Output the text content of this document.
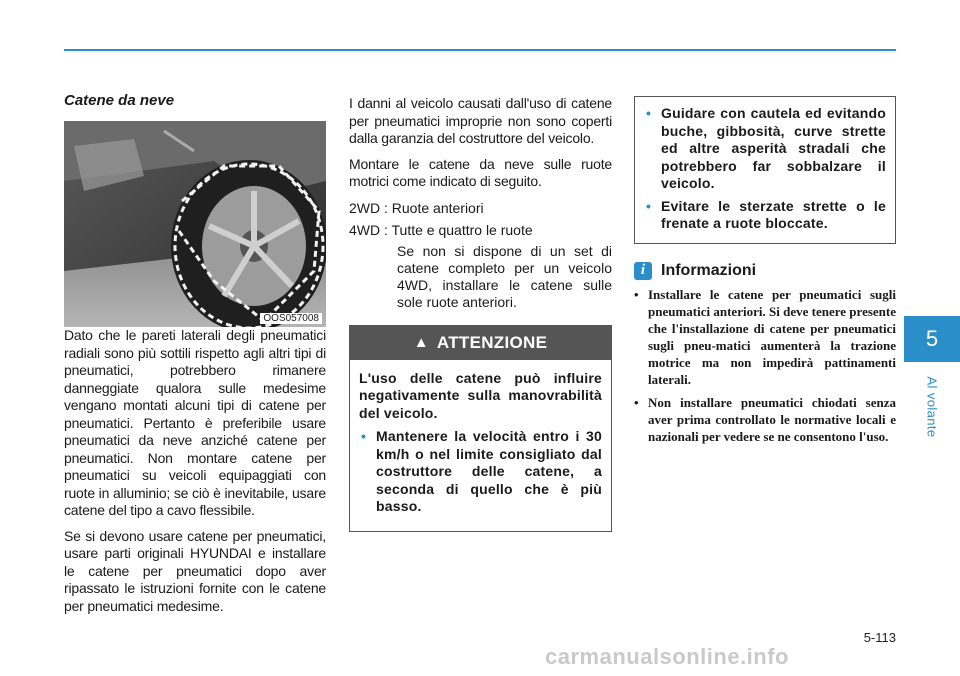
Catene da neve
OOS057008

Dato che le pareti laterali degli pneumatici radiali sono più sottili rispetto agli altri tipi di pneumatici, potrebbero rimanere danneggiate qualora sulle medesime vengano montati alcuni tipi di catene per pneumatici. Pertanto è preferibile usare pneumatici da neve anziché catene per pneumatici. Non montare catene per pneumatici su veicoli equipaggiati con ruote in alluminio; se ciò è inevitabile, usare catene del tipo a cavo flessibile.

Se si devono usare catene per pneumatici, usare parti originali HYUNDAI e installare le catene per pneumatici dopo aver ripassato le istruzioni fornite con le catene per pneumatici medesime.

I danni al veicolo causati dall'uso di catene per pneumatici improprie non sono coperti dalla garanzia del costruttore del veicolo.

Montare le catene da neve sulle ruote motrici come indicato di seguito.

2WD : Ruote anteriori
4WD : Tutte e quattro le ruote

Se non si dispone di un set di catene completo per un veicolo 4WD, installare le catene sulle sole ruote anteriori.

▲ ATTENZIONE

L'uso delle catene può influire negativamente sulla manovrabilità del veicolo.

• Mantenere la velocità entro i 30 km/h o nel limite consigliato dal costruttore delle catene, a seconda di quello che è più basso.
• Guidare con cautela ed evitando buche, gibbosità, curve strette ed altre asperità stradali che potrebbero far sobbalzare il veicolo.
• Evitare le sterzate strette o le frenate a ruote bloccate.
i Informazioni
• Installare le catene per pneumatici sugli pneumatici anteriori. Si deve tenere presente che l'installazione di catene per pneumatici sugli pneu-matici aumenterà la trazione motrice ma non impedirà pattinamenti laterali.
• Non installare pneumatici chiodati senza aver prima controllato le normative locali e nazionali per vedere se ne consentono l'uso.
5
Al volante
5-113
carmanualsonline.info
